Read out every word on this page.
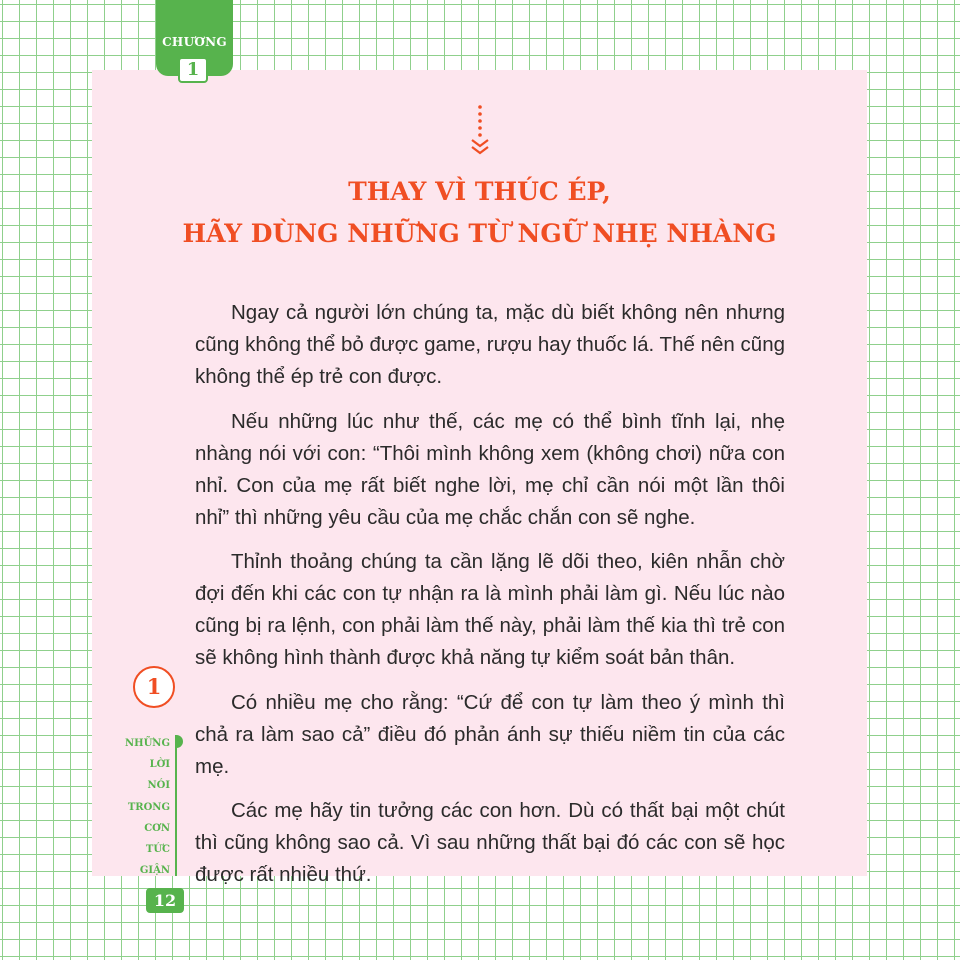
CHƯƠNG
1
THAY VÌ THÚC ÉP,
HÃY DÙNG NHỮNG TỪ NGỮ NHẸ NHÀNG

Ngay cả người lớn chúng ta, mặc dù biết không nên nhưng cũng không thể bỏ được game, rượu hay thuốc lá. Thế nên cũng không thể ép trẻ con được.

Nếu những lúc như thế, các mẹ có thể bình tĩnh lại, nhẹ nhàng nói với con: “Thôi mình không xem (không chơi) nữa con nhỉ. Con của mẹ rất biết nghe lời, mẹ chỉ cần nói một lần thôi nhỉ” thì những yêu cầu của mẹ chắc chắn con sẽ nghe.

Thỉnh thoảng chúng ta cần lặng lẽ dõi theo, kiên nhẫn chờ đợi đến khi các con tự nhận ra là mình phải làm gì. Nếu lúc nào cũng bị ra lệnh, con phải làm thế này, phải làm thế kia thì trẻ con sẽ không hình thành được khả năng tự kiểm soát bản thân.

Có nhiều mẹ cho rằng: “Cứ để con tự làm theo ý mình thì chả ra làm sao cả” điều đó phản ánh sự thiếu niềm tin của các mẹ.

Các mẹ hãy tin tưởng các con hơn. Dù có thất bại một chút thì cũng không sao cả. Vì sau những thất bại đó các con sẽ học được rất nhiều thứ.

1
NHỮNG
LỜI
NÓI
TRONG
CƠN
TỨC
GIẬN
12
